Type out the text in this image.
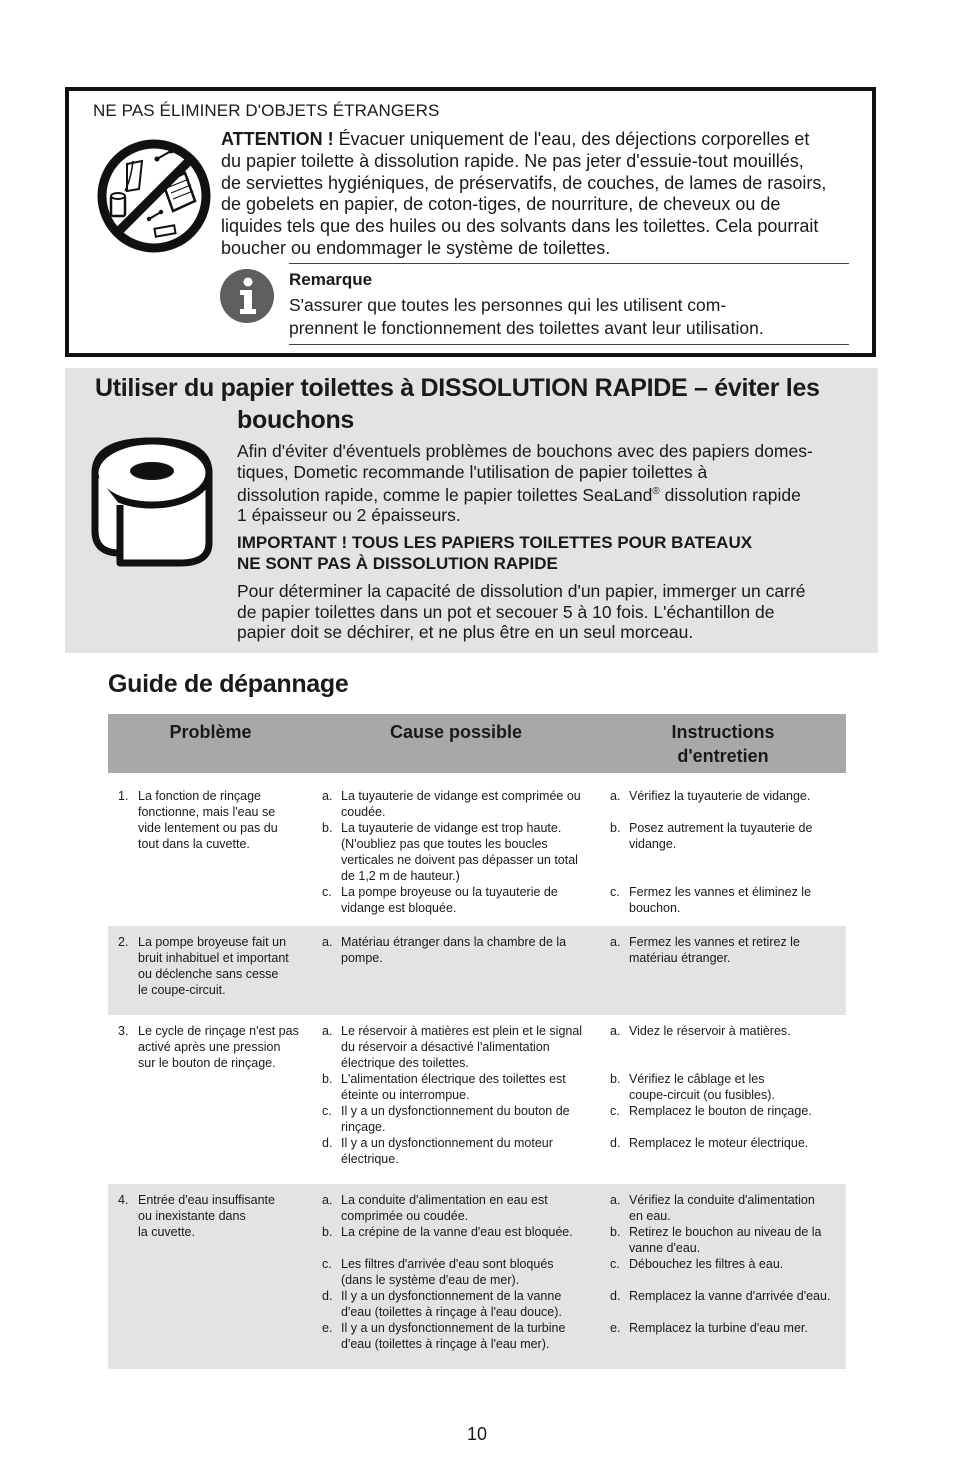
NE PAS ÉLIMINER D'OBJETS ÉTRANGERS
ATTENTION ! Évacuer uniquement de l'eau, des déjections corporelles et
du papier toilette à dissolution rapide. Ne pas jeter d'essuie-tout mouillés,
de serviettes hygiéniques, de préservatifs, de couches, de lames de rasoirs,
de gobelets en papier, de coton-tiges, de nourriture, de cheveux ou de
liquides tels que des huiles ou des solvants dans les toilettes. Cela pourrait
boucher ou endommager le système de toilettes.
Remarque
S'assurer que toutes les personnes qui les utilisent com-
prennent le fonctionnement des toilettes avant leur utilisation.
Utiliser du papier toilettes à DISSOLUTION RAPIDE – éviter les
bouchons
Afin d'éviter d'éventuels problèmes de bouchons avec des papiers domes-
tiques, Dometic recommande l'utilisation de papier toilettes à
dissolution rapide, comme le papier toilettes SeaLand® dissolution rapide
1 épaisseur ou 2 épaisseurs.
IMPORTANT ! TOUS LES PAPIERS TOILETTES POUR BATEAUX
NE SONT PAS À DISSOLUTION RAPIDE
Pour déterminer la capacité de dissolution d'un papier, immerger un carré
de papier toilettes dans un pot et secouer 5 à 10 fois. L'échantillon de
papier doit se déchirer, et ne plus être en un seul morceau.
Guide de dépannage
Problème	Cause possible	Instructions
d'entretien
1. La fonction de rinçage
fonctionne, mais l'eau se
vide lentement ou pas du
tout dans la cuvette.
a. La tuyauterie de vidange est comprimée ou
coudée.
b. La tuyauterie de vidange est trop haute.
(N'oubliez pas que toutes les boucles
verticales ne doivent pas dépasser un total
de 1,2 m de hauteur.)
c. La pompe broyeuse ou la tuyauterie de
vidange est bloquée.
a. Vérifiez la tuyauterie de vidange.
b. Posez autrement la tuyauterie de
vidange.
c. Fermez les vannes et éliminez le
bouchon.
2. La pompe broyeuse fait un
bruit inhabituel et important
ou déclenche sans cesse
le coupe-circuit.
a. Matériau étranger dans la chambre de la
pompe.
a. Fermez les vannes et retirez le
matériau étranger.
3. Le cycle de rinçage n'est pas
activé après une pression
sur le bouton de rinçage.
a. Le réservoir à matières est plein et le signal
du réservoir a désactivé l'alimentation
électrique des toilettes.
b. L'alimentation électrique des toilettes est
éteinte ou interrompue.
c. Il y a un dysfonctionnement du bouton de
rinçage.
d. Il y a un dysfonctionnement du moteur
électrique.
a. Videz le réservoir à matières.
b. Vérifiez le câblage et les
coupe-circuit (ou fusibles).
c. Remplacez le bouton de rinçage.
d. Remplacez le moteur électrique.
4. Entrée d'eau insuffisante
ou inexistante dans
la cuvette.
a. La conduite d'alimentation en eau est
comprimée ou coudée.
b. La crépine de la vanne d'eau est bloquée.
c. Les filtres d'arrivée d'eau sont bloqués
(dans le système d'eau de mer).
d. Il y a un dysfonctionnement de la vanne
d'eau (toilettes à rinçage à l'eau douce).
e. Il y a un dysfonctionnement de la turbine
d'eau (toilettes à rinçage à l'eau mer).
a. Vérifiez la conduite d'alimentation
en eau.
b. Retirez le bouchon au niveau de la
vanne d'eau.
c. Débouchez les filtres à eau.
d. Remplacez la vanne d'arrivée d'eau.
e. Remplacez la turbine d'eau mer.
10
